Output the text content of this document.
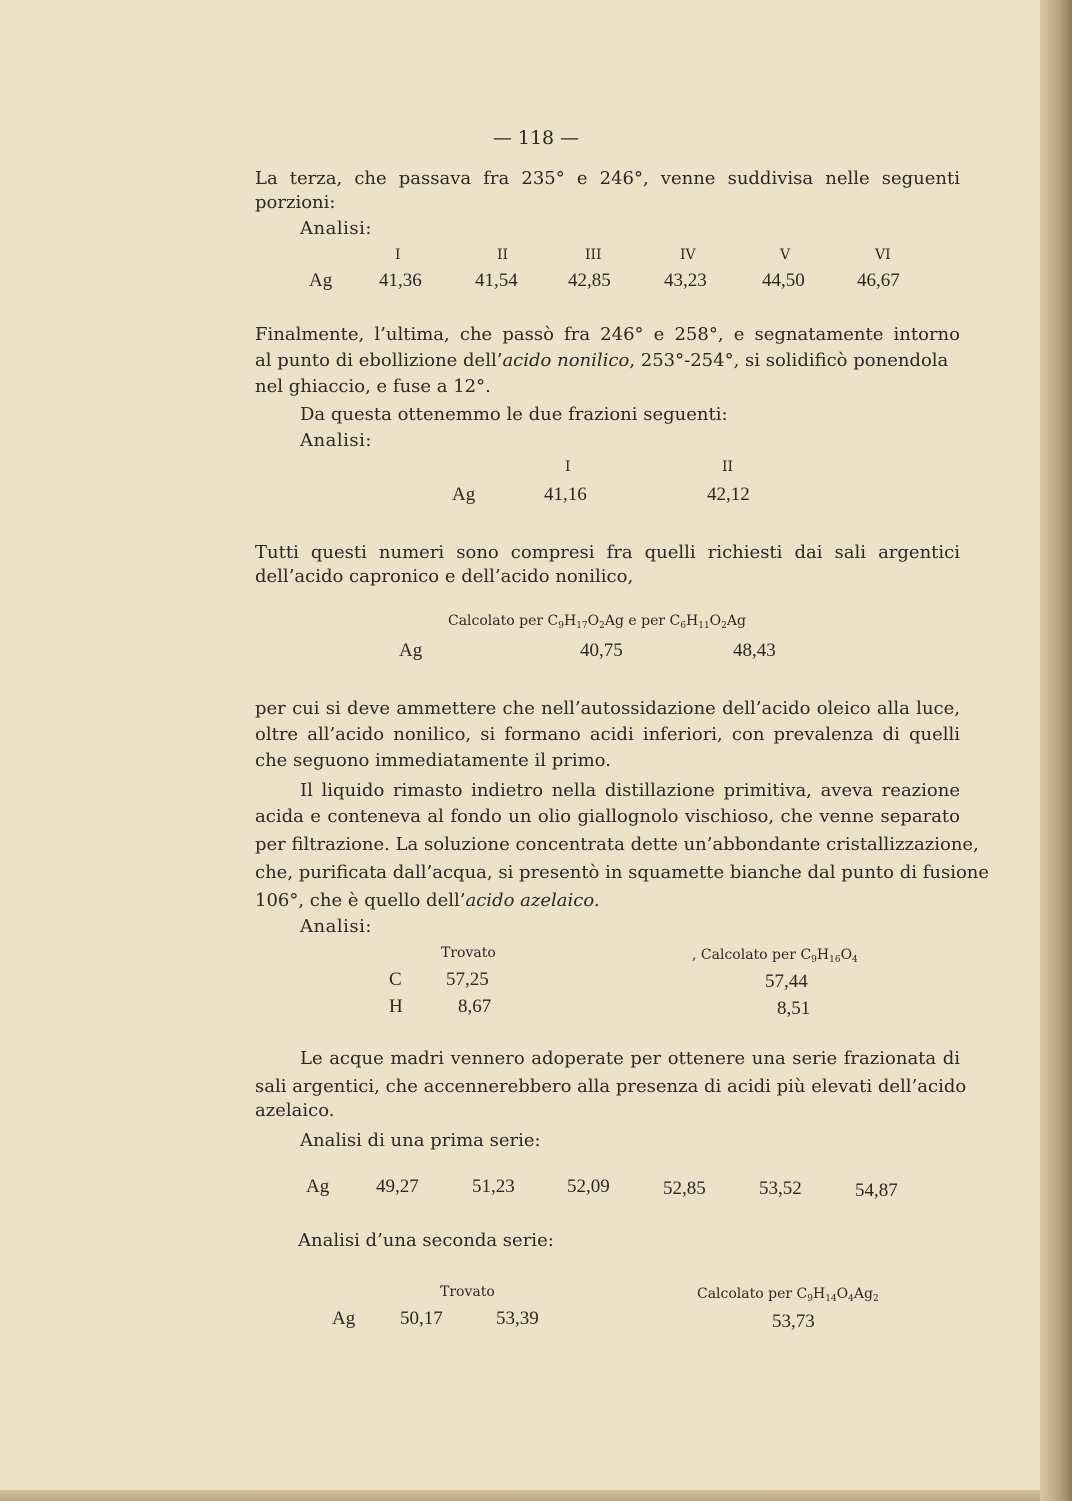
— 118 —
La terza, che passava fra 235° e 246°, venne suddivisa nelle seguenti
porzioni:
Analisi:
I	II	III	IV	V	VI
Ag 41,36	41,54	42,85	43,23	44,50	46,67
Finalmente, l’ultima, che passò fra 246° e 258°, e segnatamente intorno
al punto di ebollizione dell’acido nonilico, 253°-254°, si solidificò ponendola
nel ghiaccio, e fuse a 12°.
Da questa ottenemmo le due frazioni seguenti:
Analisi:
I	II
Ag	41,16	42,12
Tutti questi numeri sono compresi fra quelli richiesti dai sali argentici
dell’acido capronico e dell’acido nonilico,
Calcolato per $C_9H_{17}O_2Ag$ e per $C_6H_{11}O_2Ag$
Ag	40,75	48,43
per cui si deve ammettere che nell’autossidazione dell’acido oleico alla luce,
oltre all’acido nonilico, si formano acidi inferiori, con prevalenza di quelli
che seguono immediatamente il primo.
Il liquido rimasto indietro nella distillazione primitiva, aveva reazione
acida e conteneva al fondo un olio giallognolo vischioso, che venne separato
per filtrazione. La soluzione concentrata dette un’abbondante cristallizzazione,
che, purificata dall’acqua, si presentò in squamette bianche dal punto di fusione
106°, che è quello dell’acido azelaico.
Analisi:
Trovato	, Calcolato per $C_9H_{16}O_4$
C 57,25	57,44
H	8,67	8,51
Le acque madri vennero adoperate per ottenere una serie frazionata di
sali argentici, che accennerebbero alla presenza di acidi più elevati dell’acido
azelaico.
Analisi di una prima serie:
Ag 49,27	51,23	52,09	52,85	53,52	54,87
Analisi d’una seconda serie:
Trovato	Calcolato per $C_9H_{14}O_4Ag_2$
Ag 50,17	53,39	53,73
